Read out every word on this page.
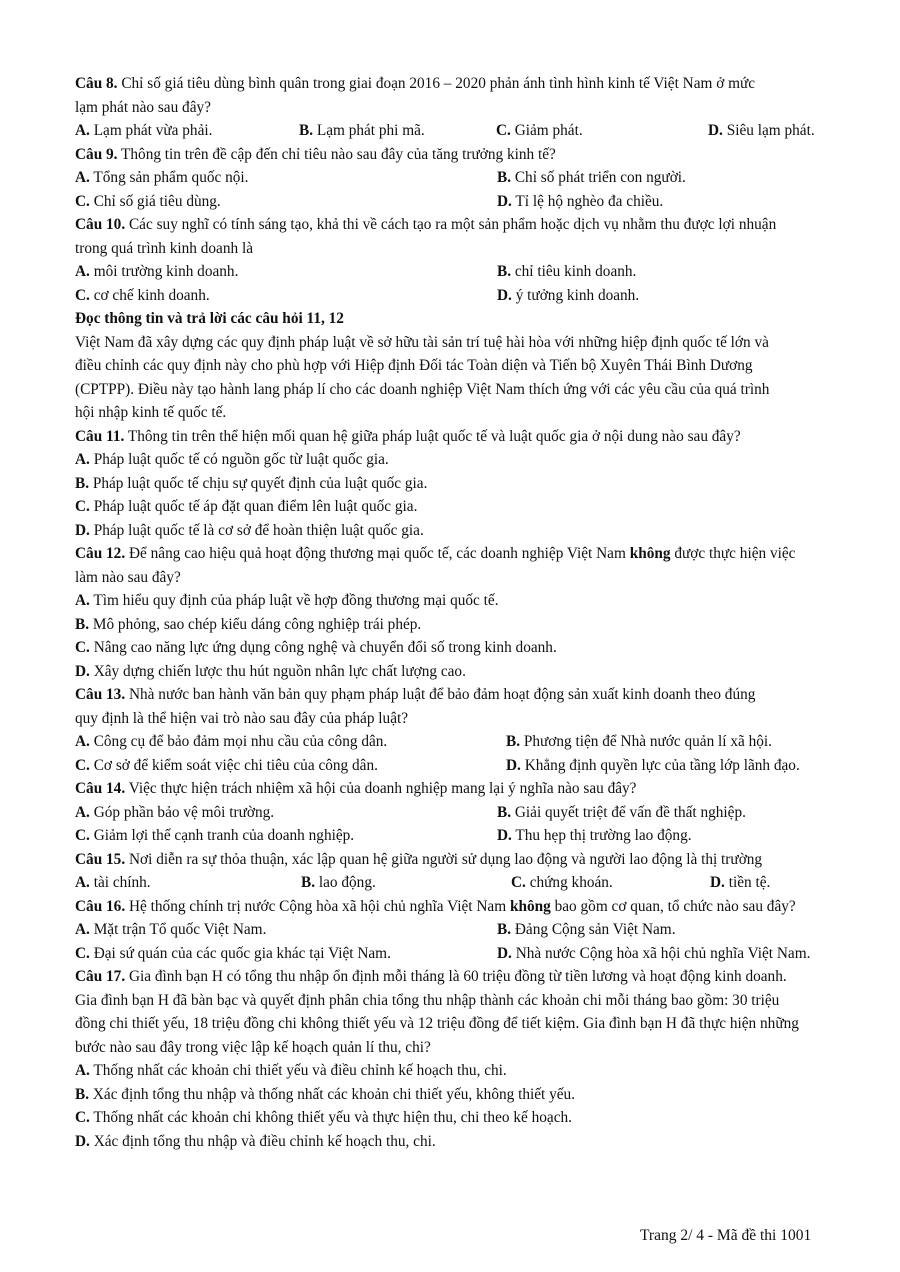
Câu 8. Chỉ số giá tiêu dùng bình quân trong giai đoạn 2016 – 2020 phản ánh tình hình kinh tế Việt Nam ở mức
lạm phát nào sau đây?
A. Lạm phát vừa phải.	B. Lạm phát phi mã.	C. Giảm phát.	D. Siêu lạm phát.
Câu 9. Thông tin trên đề cập đến chỉ tiêu nào sau đây của tăng trưởng kinh tế?
A. Tổng sản phẩm quốc nội.	B. Chỉ số phát triển con người.
C. Chỉ số giá tiêu dùng.	D. Tỉ lệ hộ nghèo đa chiều.
Câu 10. Các suy nghĩ có tính sáng tạo, khả thi về cách tạo ra một sản phẩm hoặc dịch vụ nhằm thu được lợi nhuận
trong quá trình kinh doanh là
A. môi trường kinh doanh.	B. chỉ tiêu kinh doanh.
C. cơ chế kinh doanh.	D. ý tưởng kinh doanh.
Đọc thông tin và trả lời các câu hỏi 11, 12
Việt Nam đã xây dựng các quy định pháp luật về sở hữu tài sản trí tuệ hài hòa với những hiệp định quốc tế lớn và
điều chỉnh các quy định này cho phù hợp với Hiệp định Đối tác Toàn diện và Tiến bộ Xuyên Thái Bình Dương
(CPTPP). Điều này tạo hành lang pháp lí cho các doanh nghiệp Việt Nam thích ứng với các yêu cầu của quá trình
hội nhập kinh tế quốc tế.
Câu 11. Thông tin trên thể hiện mối quan hệ giữa pháp luật quốc tế và luật quốc gia ở nội dung nào sau đây?
A. Pháp luật quốc tế có nguồn gốc từ luật quốc gia.
B. Pháp luật quốc tế chịu sự quyết định của luật quốc gia.
C. Pháp luật quốc tế áp đặt quan điểm lên luật quốc gia.
D. Pháp luật quốc tế là cơ sở để hoàn thiện luật quốc gia.
Câu 12. Để nâng cao hiệu quả hoạt động thương mại quốc tế, các doanh nghiệp Việt Nam không được thực hiện việc
làm nào sau đây?
A. Tìm hiểu quy định của pháp luật về hợp đồng thương mại quốc tế.
B. Mô phỏng, sao chép kiểu dáng công nghiệp trái phép.
C. Nâng cao năng lực ứng dụng công nghệ và chuyển đổi số trong kinh doanh.
D. Xây dựng chiến lược thu hút nguồn nhân lực chất lượng cao.
Câu 13. Nhà nước ban hành văn bản quy phạm pháp luật để bảo đảm hoạt động sản xuất kinh doanh theo đúng
quy định là thể hiện vai trò nào sau đây của pháp luật?
A. Công cụ để bảo đảm mọi nhu cầu của công dân.	B. Phương tiện để Nhà nước quản lí xã hội.
C. Cơ sở để kiểm soát việc chi tiêu của công dân.	D. Khẳng định quyền lực của tầng lớp lãnh đạo.
Câu 14. Việc thực hiện trách nhiệm xã hội của doanh nghiệp mang lại ý nghĩa nào sau đây?
A. Góp phần bảo vệ môi trường.	B. Giải quyết triệt để vấn đề thất nghiệp.
C. Giảm lợi thế cạnh tranh của doanh nghiệp.	D. Thu hẹp thị trường lao động.
Câu 15. Nơi diễn ra sự thỏa thuận, xác lập quan hệ giữa người sử dụng lao động và người lao động là thị trường
A. tài chính.	B. lao động.	C. chứng khoán.	D. tiền tệ.
Câu 16. Hệ thống chính trị nước Cộng hòa xã hội chủ nghĩa Việt Nam không bao gồm cơ quan, tổ chức nào sau đây?
A. Mặt trận Tổ quốc Việt Nam.	B. Đảng Cộng sản Việt Nam.
C. Đại sứ quán của các quốc gia khác tại Việt Nam.	D. Nhà nước Cộng hòa xã hội chủ nghĩa Việt Nam.
Câu 17. Gia đình bạn H có tổng thu nhập ổn định mỗi tháng là 60 triệu đồng từ tiền lương và hoạt động kinh doanh.
Gia đình bạn H đã bàn bạc và quyết định phân chia tổng thu nhập thành các khoản chi mỗi tháng bao gồm: 30 triệu
đồng chi thiết yếu, 18 triệu đồng chi không thiết yếu và 12 triệu đồng để tiết kiệm. Gia đình bạn H đã thực hiện những
bước nào sau đây trong việc lập kế hoạch quản lí thu, chi?
A. Thống nhất các khoản chi thiết yếu và điều chỉnh kế hoạch thu, chi.
B. Xác định tổng thu nhập và thống nhất các khoản chi thiết yếu, không thiết yếu.
C. Thống nhất các khoản chi không thiết yếu và thực hiện thu, chi theo kế hoạch.
D. Xác định tổng thu nhập và điều chỉnh kế hoạch thu, chi.
Trang 2/ 4 - Mã đề thi 1001
